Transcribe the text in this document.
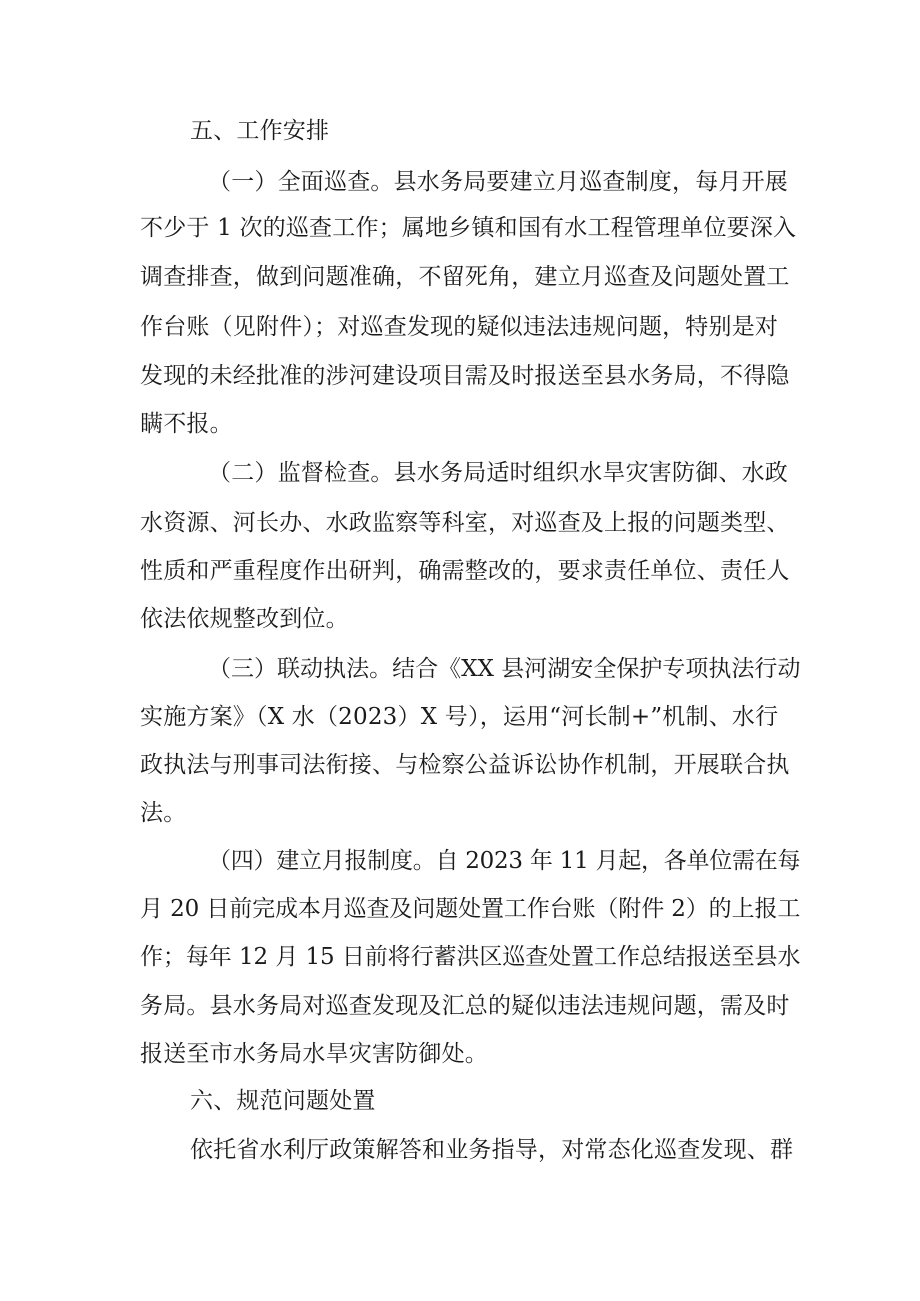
五、工作安排

（一）全面巡查。县水务局要建立月巡查制度，每月开展

不少于 1 次的巡查工作；属地乡镇和国有水工程管理单位要深入

调查排查，做到问题准确，不留死角，建立月巡查及问题处置工

作台账（见附件）；对巡查发现的疑似违法违规问题，特别是对

发现的未经批准的涉河建设项目需及时报送至县水务局，不得隐

瞒不报。

（二）监督检查。县水务局适时组织水旱灾害防御、水政

水资源、河长办、水政监察等科室，对巡查及上报的问题类型、

性质和严重程度作出研判，确需整改的，要求责任单位、责任人

依法依规整改到位。

（三）联动执法。结合《XX 县河湖安全保护专项执法行动

实施方案》（X 水（2023）X 号），运用“河长制+”机制、水行

政执法与刑事司法衔接、与检察公益诉讼协作机制，开展联合执

法。

（四）建立月报制度。自 2023 年 11 月起，各单位需在每

月 20 日前完成本月巡查及问题处置工作台账（附件 2）的上报工

作；每年 12 月 15 日前将行蓄洪区巡查处置工作总结报送至县水

务局。县水务局对巡查发现及汇总的疑似违法违规问题，需及时

报送至市水务局水旱灾害防御处。

六、规范问题处置

依托省水利厅政策解答和业务指导，对常态化巡查发现、群
